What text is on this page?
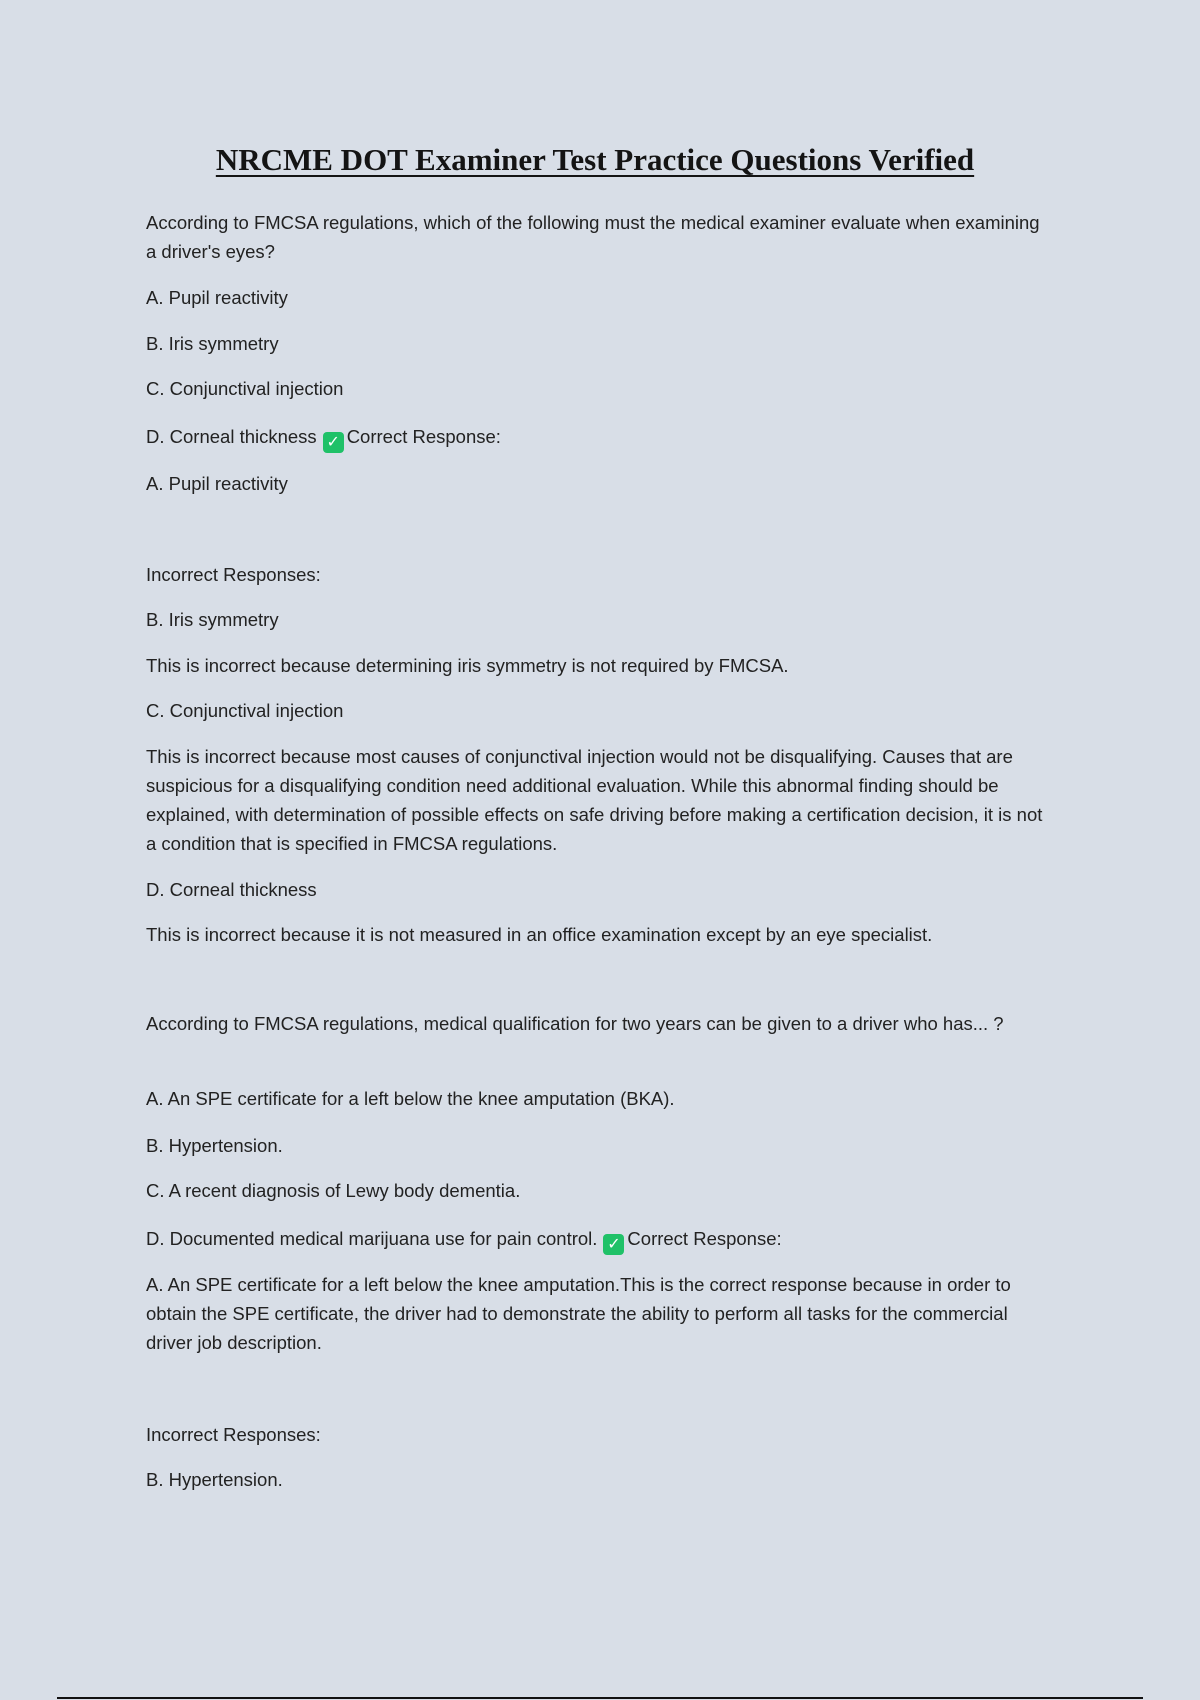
NRCME DOT Examiner Test Practice Questions Verified

According to FMCSA regulations, which of the following must the medical examiner evaluate when examining a driver's eyes?

A. Pupil reactivity

B. Iris symmetry

C. Conjunctival injection

D. Corneal thickness ✓ Correct Response:

A. Pupil reactivity

Incorrect Responses:

B. Iris symmetry

This is incorrect because determining iris symmetry is not required by FMCSA.

C. Conjunctival injection

This is incorrect because most causes of conjunctival injection would not be disqualifying. Causes that are suspicious for a disqualifying condition need additional evaluation. While this abnormal finding should be explained, with determination of possible effects on safe driving before making a certification decision, it is not a condition that is specified in FMCSA regulations.

D. Corneal thickness

This is incorrect because it is not measured in an office examination except by an eye specialist.

According to FMCSA regulations, medical qualification for two years can be given to a driver who has... ?

A. An SPE certificate for a left below the knee amputation (BKA).

B. Hypertension.

C. A recent diagnosis of Lewy body dementia.

D. Documented medical marijuana use for pain control. ✓ Correct Response:

A. An SPE certificate for a left below the knee amputation.This is the correct response because in order to obtain the SPE certificate, the driver had to demonstrate the ability to perform all tasks for the commercial driver job description.

Incorrect Responses:

B. Hypertension.
